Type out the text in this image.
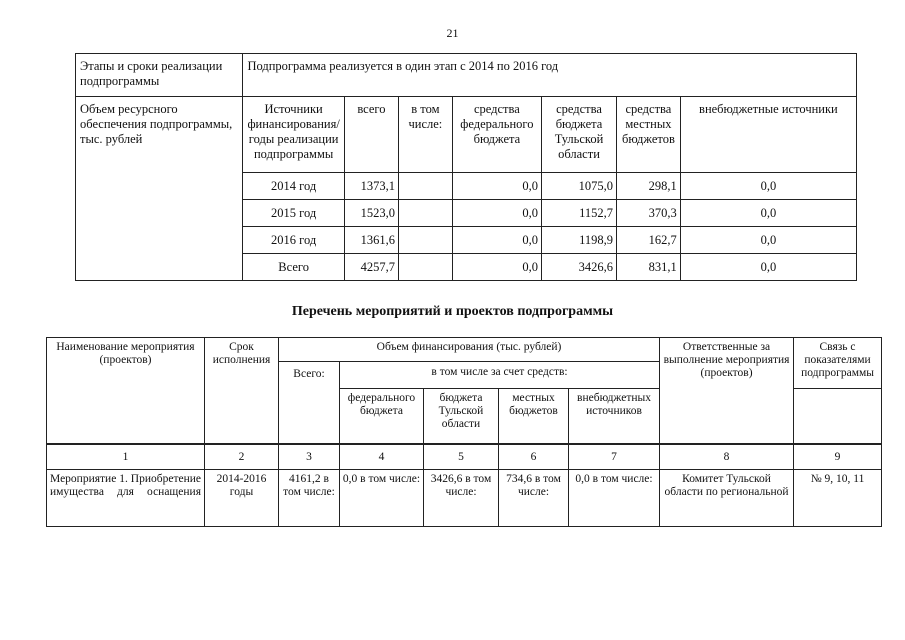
21
Этапы и сроки реализации подпрограммы	Подпрограмма реализуется в один этап с 2014 по 2016 год						
Объем ресурсного обеспечения подпрограммы, тыс. рублей	Источники финансирования/ годы реализации подпрограммы	всего	в том числе:	средства федерального бюджета	средства бюджета Тульской области	средства местных бюджетов	внебюджетные источники
	2014 год	1373,1		0,0	1075,0	298,1	0,0
	2015 год	1523,0		0,0	1152,7	370,3	0,0
	2016 год	1361,6		0,0	1198,9	162,7	0,0
	Всего	4257,7		0,0	3426,6	831,1	0,0
Перечень мероприятий и проектов подпрограммы
Наименование мероприятия (проектов)	Срок исполнения	Объем финансирования (тыс. рублей)					Ответственные за выполнение мероприятия (проектов)	Связь с показателями подпрограммы
		Всего:	в том числе за счет средств:					
			федерального бюджета	бюджета Тульской области	местных бюджетов	внебюджетных источников		
1	2	3	4	5	6	7	8	9
Мероприятие 1. Приобретение имущества для оснащения	2014-2016 годы	4161,2 в том числе:	0,0 в том числе:	3426,6 в том числе:	734,6 в том числе:	0,0 в том числе:	Комитет Тульской области по региональной	№ 9, 10, 11
